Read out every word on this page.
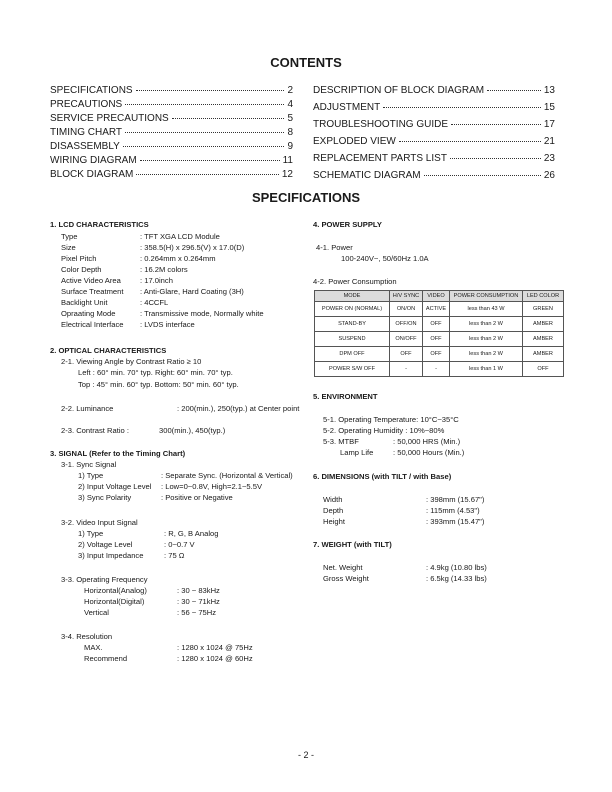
CONTENTS
SPECIFICATIONS	2
PRECAUTIONS	4
SERVICE PRECAUTIONS	5
TIMING CHART	8
DISASSEMBLY	9
WIRING DIAGRAM	11
BLOCK DIAGRAM	12
DESCRIPTION OF BLOCK DIAGRAM	13
ADJUSTMENT	15
TROUBLESHOOTING GUIDE	17
EXPLODED VIEW	21
REPLACEMENT PARTS LIST	23
SCHEMATIC DIAGRAM	26
SPECIFICATIONS
1. LCD CHARACTERISTICS
Type	: TFT XGA LCD Module
Size	: 358.5(H) x 296.5(V) x 17.0(D)
Pixel Pitch	: 0.264mm x 0.264mm
Color Depth	: 16.2M colors
Active Video Area	: 17.0inch
Surface Treatment : Anti-Glare, Hard Coating (3H)
Backlight Unit	: 4CCFL
Opraating Mode	: Transmissive mode, Normally white
Electrical Interface : LVDS interface
2. OPTICAL CHARACTERISTICS
2-1. Viewing Angle by Contrast Ratio ≥ 10
Left : 60° min. 70° typ. Right: 60° min. 70° typ.
Top : 45° min. 60° typ. Bottom: 50° min. 60° typ.
2-2. Luminance	: 200(min.), 250(typ.) at Center point
2-3. Contrast Ratio :	300(min.), 450(typ.)
3. SIGNAL (Refer to the Timing Chart)
3-1. Sync Signal
1) Type	: Separate Sync. (Horizontal & Vertical)
2) Input Voltage Level : Low=0~0.8V, High=2.1~5.5V
3) Sync Polarity	: Positive or Negative
3-2. Video Input Signal
1) Type	: R, G, B Analog
2) Voltage Level	: 0~0.7 V
3) Input Impedance	: 75 Ω
3-3. Operating Frequency
Horizontal(Analog)	: 30 ~ 83kHz
Horizontal(Digital)	: 30 ~ 71kHz
Vertical	: 56 ~ 75Hz
3-4. Resolution
MAX.	: 1280 x 1024 @ 75Hz
Recommend	: 1280 x 1024 @ 60Hz
4. POWER SUPPLY
4-1. Power
100-240V~, 50/60Hz 1.0A
4-2. Power Consumption
MODE	H/V SYNC	VIDEO	POWER CONSUMPTION	LED COLOR
POWER ON (NORMAL)	ON/ON	ACTIVE	less than 43 W	GREEN
STAND-BY	OFF/ON	OFF	less than 2 W	AMBER
SUSPEND	ON/OFF	OFF	less than 2 W	AMBER
DPM OFF	OFF	OFF	less than 2 W	AMBER
POWER S/W OFF	-	-	less than 1 W	OFF
5. ENVIRONMENT
5-1. Operating Temperature: 10°C~35°C
5-2. Operating Humidity : 10%~80%
5-3. MTBF	: 50,000 HRS (Min.)
Lamp Life	: 50,000 Hours (Min.)
6. DIMENSIONS (with TILT / with Base)
Width	: 398mm (15.67")
Depth	: 115mm (4.53")
Height	: 393mm (15.47")
7. WEIGHT (with TILT)
Net. Weight	: 4.9kg (10.80 lbs)
Gross Weight	: 6.5kg (14.33 lbs)
- 2 -
